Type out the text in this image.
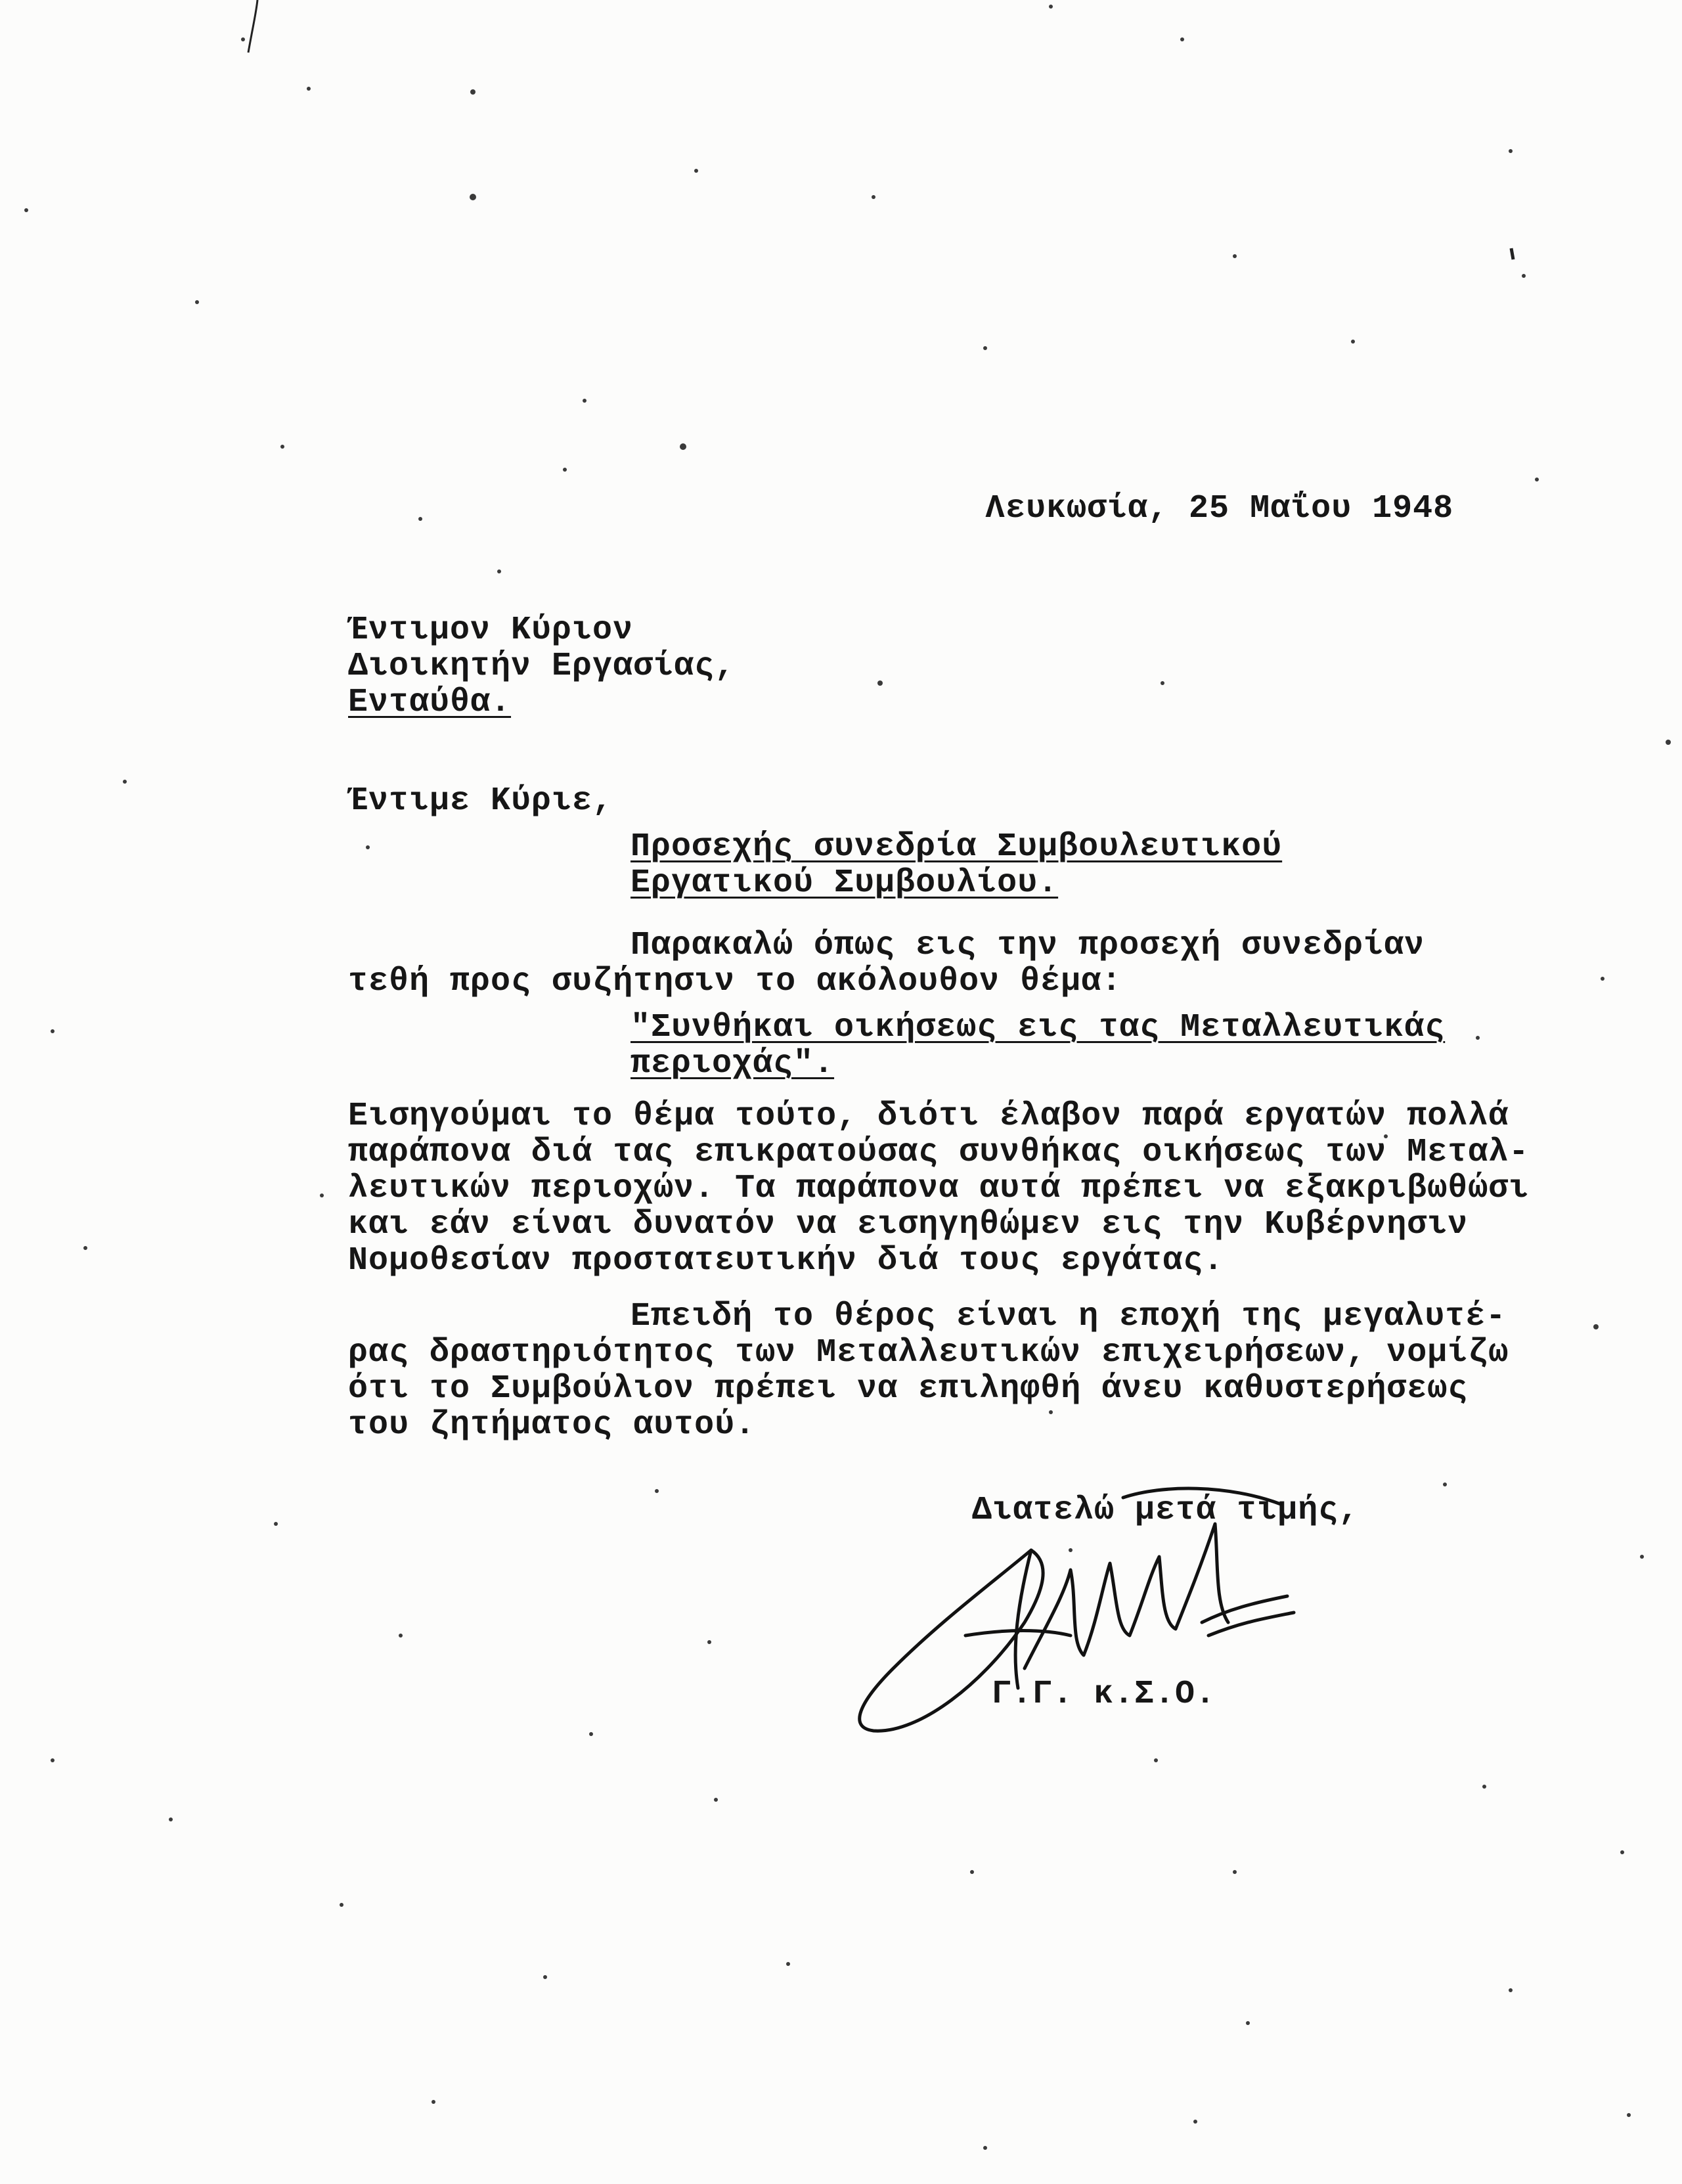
Λευκωσία, 25 Μαΐου 1948
Έντιμον Κύριον
Διοικητήν Εργασίας,
Ενταύθα.
Έντιμε Κύριε,
Προσεχής συνεδρία Συμβουλευτικού
Εργατικού Συμβουλίου.
Παρακαλώ όπως εις την προσεχή συνεδρίαν
τεθή προς συζήτησιν το ακόλουθον θέμα:
"Συνθήκαι οικήσεως εις τας Μεταλλευτικάς
περιοχάς".
Εισηγούμαι το θέμα τούτο, διότι έλαβον παρά εργατών πολλά
παράπονα διά τας επικρατούσας συνθήκας οικήσεως των Μεταλ-
λευτικών περιοχών. Τα παράπονα αυτά πρέπει να εξακριβωθώσι
και εάν είναι δυνατόν να εισηγηθώμεν εις την Κυβέρνησιν
Νομοθεσίαν προστατευτικήν διά τους εργάτας.
Επειδή το θέρος είναι η εποχή της μεγαλυτέ-
ρας δραστηριότητος των Μεταλλευτικών επιχειρήσεων, νομίζω
ότι το Συμβούλιον πρέπει να επιληφθή άνευ καθυστερήσεως
του ζητήματος αυτού.
Διατελώ μετά τιμής,
Γ.Γ. κ.Σ.Ο.
